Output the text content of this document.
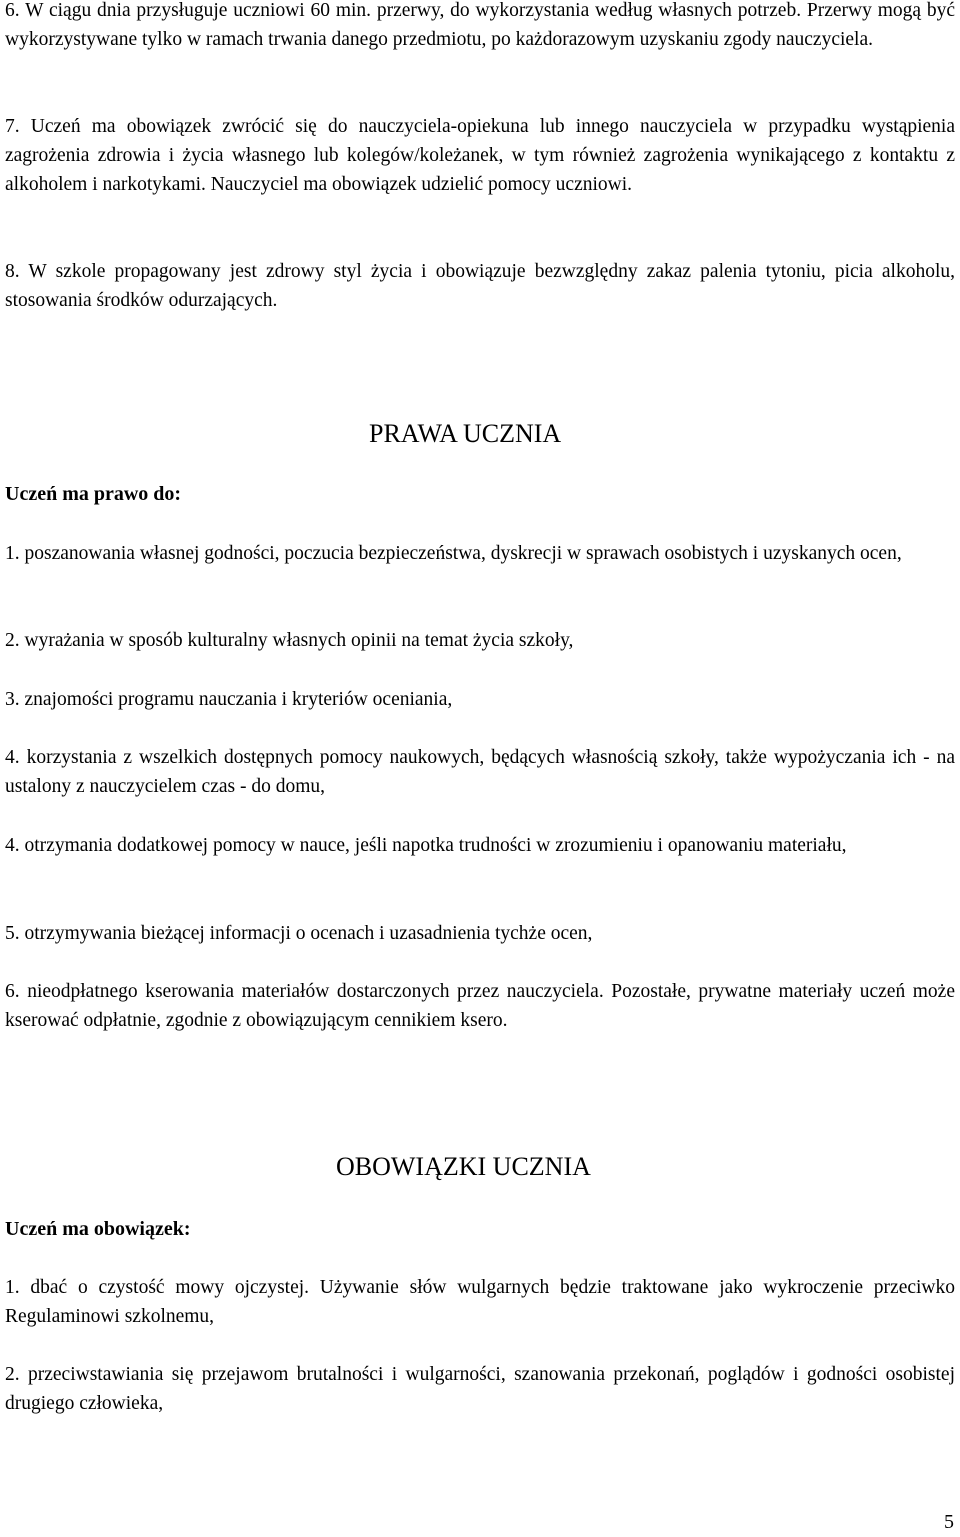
6. W ciągu dnia przysługuje uczniowi 60 min. przerwy, do wykorzystania według własnych potrzeb. Przerwy mogą być wykorzystywane tylko w ramach trwania danego przedmiotu, po każdorazowym uzyskaniu zgody nauczyciela.

7. Uczeń ma obowiązek zwrócić się do nauczyciela-opiekuna lub innego nauczyciela w przypadku wystąpienia zagrożenia zdrowia i życia własnego lub kolegów/koleżanek, w tym również zagrożenia wynikającego z kontaktu z alkoholem i narkotykami. Nauczyciel ma obowiązek udzielić pomocy uczniowi.

8. W szkole propagowany jest zdrowy styl życia i obowiązuje bezwzględny zakaz palenia tytoniu, picia alkoholu, stosowania środków odurzających.

PRAWA UCZNIA
Uczeń ma prawo do:

1. poszanowania własnej godności, poczucia bezpieczeństwa, dyskrecji w sprawach osobistych i uzyskanych ocen,

2. wyrażania w sposób kulturalny własnych opinii na temat życia szkoły,

3. znajomości programu nauczania i kryteriów oceniania,

4. korzystania z wszelkich dostępnych pomocy naukowych, będących własnością szkoły, także wypożyczania ich - na ustalony z nauczycielem czas - do domu,

4. otrzymania dodatkowej pomocy w nauce, jeśli napotka trudności w zrozumieniu i opanowaniu materiału,

5. otrzymywania bieżącej informacji o ocenach i uzasadnienia tychże ocen,

6. nieodpłatnego kserowania materiałów dostarczonych przez nauczyciela. Pozostałe, prywatne materiały uczeń może kserować odpłatnie, zgodnie z obowiązującym cennikiem ksero.

OBOWIĄZKI UCZNIA
Uczeń ma obowiązek:

1. dbać o czystość mowy ojczystej. Używanie słów wulgarnych będzie traktowane jako wykroczenie przeciwko Regulaminowi szkolnemu,

2. przeciwstawiania się przejawom brutalności i wulgarności, szanowania przekonań, poglądów i godności osobistej drugiego człowieka,

5
